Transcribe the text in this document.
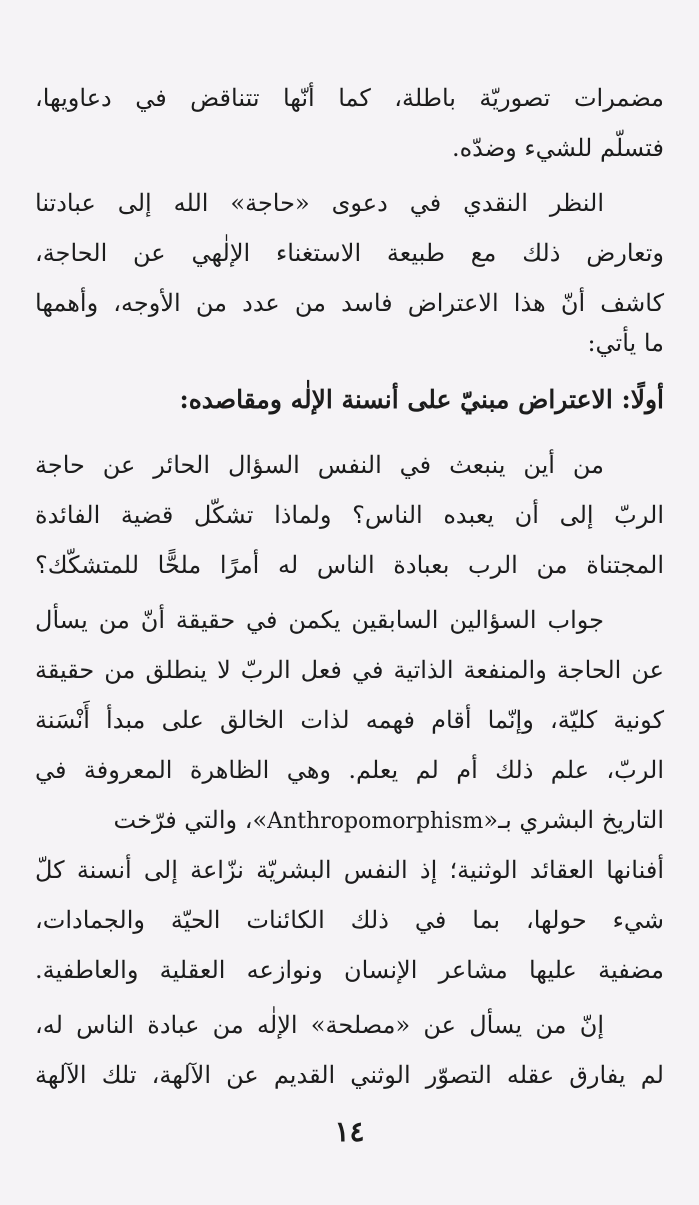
مضمرات تصوريّة باطلة، كما أنّها تتناقض في دعاويها،
فتسلّم للشيء وضدّه.
النظر النقدي في دعوى «حاجة» الله إلى عبادتنا
وتعارض ذلك مع طبيعة الاستغناء الإلٰهي عن الحاجة،
كاشف أنّ هذا الاعتراض فاسد من عدد من الأوجه، وأهمها
ما يأتي:
أولًا: الاعتراض مبنيّ على أنسنة الإلٰه ومقاصده:
من أين ينبعث في النفس السؤال الحائر عن حاجة
الربّ إلى أن يعبده الناس؟ ولماذا تشكّل قضية الفائدة
المجتناة من الرب بعبادة الناس له أمرًا ملحًّا للمتشكّك؟
جواب السؤالين السابقين يكمن في حقيقة أنّ من يسأل
عن الحاجة والمنفعة الذاتية في فعل الربّ لا ينطلق من حقيقة
كونية كليّة، وإنّما أقام فهمه لذات الخالق على مبدأ أَنْسَنة
الربّ، علم ذلك أم لم يعلم. وهي الظاهرة المعروفة في
التاريخ البشري بـ«Anthropomorphism»، والتي فرّخت
أفنانها العقائد الوثنية؛ إذ النفس البشريّة نزّاعة إلى أنسنة كلّ
شيء حولها، بما في ذلك الكائنات الحيّة والجمادات،
مضفية عليها مشاعر الإنسان ونوازعه العقلية والعاطفية.
إنّ من يسأل عن «مصلحة» الإلٰه من عبادة الناس له،
لم يفارق عقله التصوّر الوثني القديم عن الآلهة، تلك الآلهة
١٤
